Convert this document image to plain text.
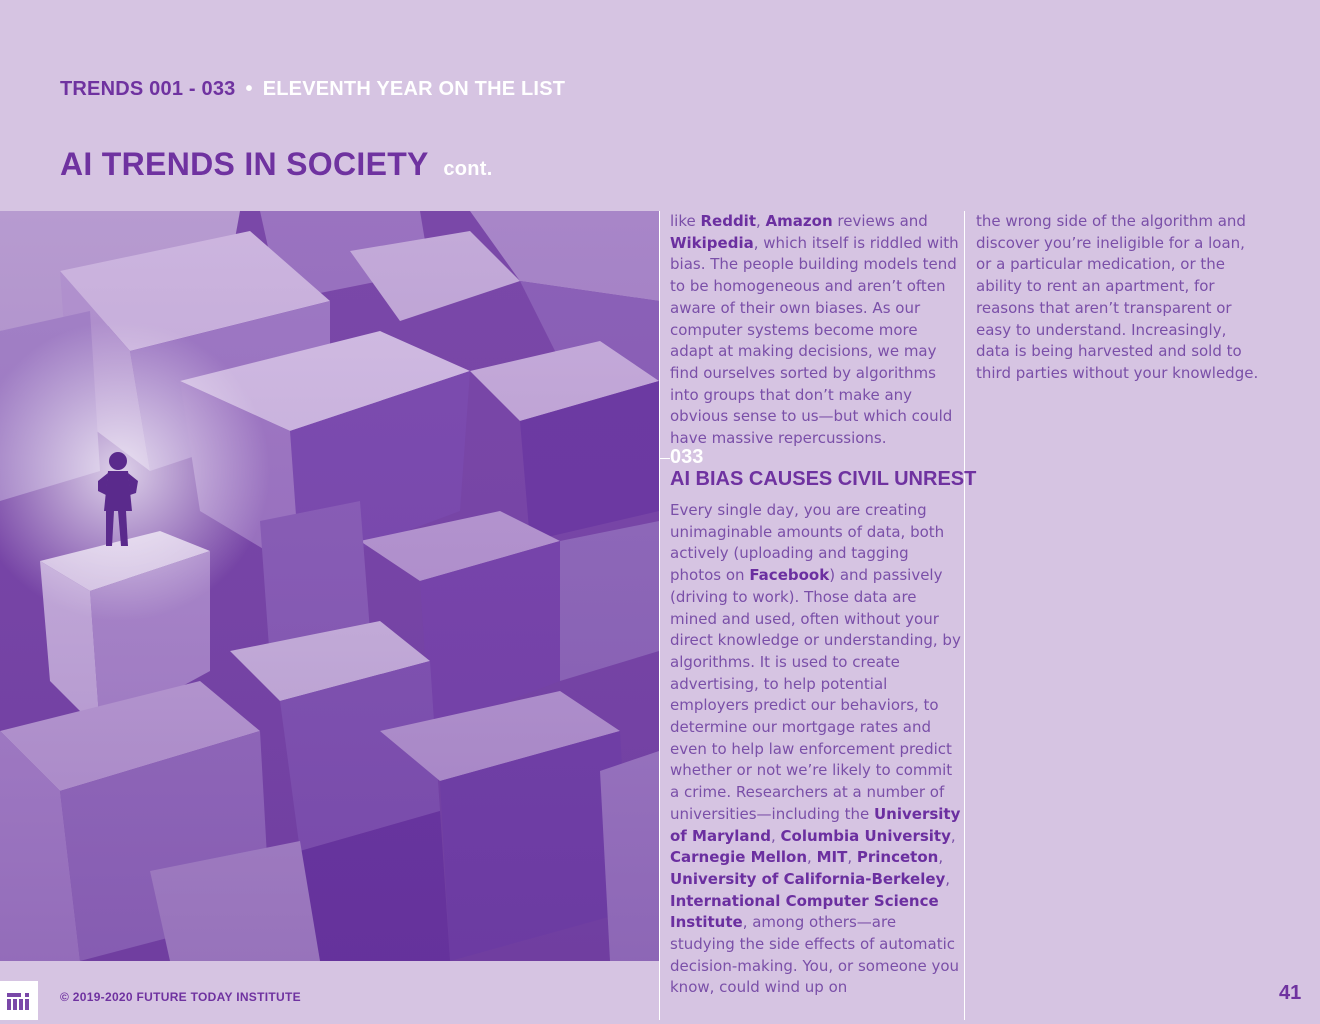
TRENDS 001 - 033 • ELEVENTH YEAR ON THE LIST
AI TRENDS IN SOCIETY cont.

like Reddit, Amazon reviews and Wikipedia, which itself is riddled with bias. The people building models tend to be homogeneous and aren’t often aware of their own biases. As our computer systems become more adapt at making decisions, we may find ourselves sorted by algorithms into groups that don’t make any obvious sense to us—but which could have massive repercussions.

033
AI BIAS CAUSES CIVIL UNREST

Every single day, you are creating unimaginable amounts of data, both actively (uploading and tagging photos on Facebook) and passively (driving to work). Those data are mined and used, often without your direct knowledge or understanding, by algorithms. It is used to create advertising, to help potential employers predict our behaviors, to determine our mortgage rates and even to help law enforcement predict whether or not we’re likely to commit a crime. Researchers at a number of universities—including the University of Maryland, Columbia University, Carnegie Mellon, MIT, Princeton, University of California-Berkeley, International Computer Science Institute, among others—are studying the side effects of automatic decision-making. You, or someone you know, could wind up on

the wrong side of the algorithm and discover you’re ineligible for a loan, or a particular medication, or the ability to rent an apartment, for reasons that aren’t transparent or easy to understand. Increasingly, data is being harvested and sold to third parties without your knowledge.

© 2019-2020 FUTURE TODAY INSTITUTE	41
